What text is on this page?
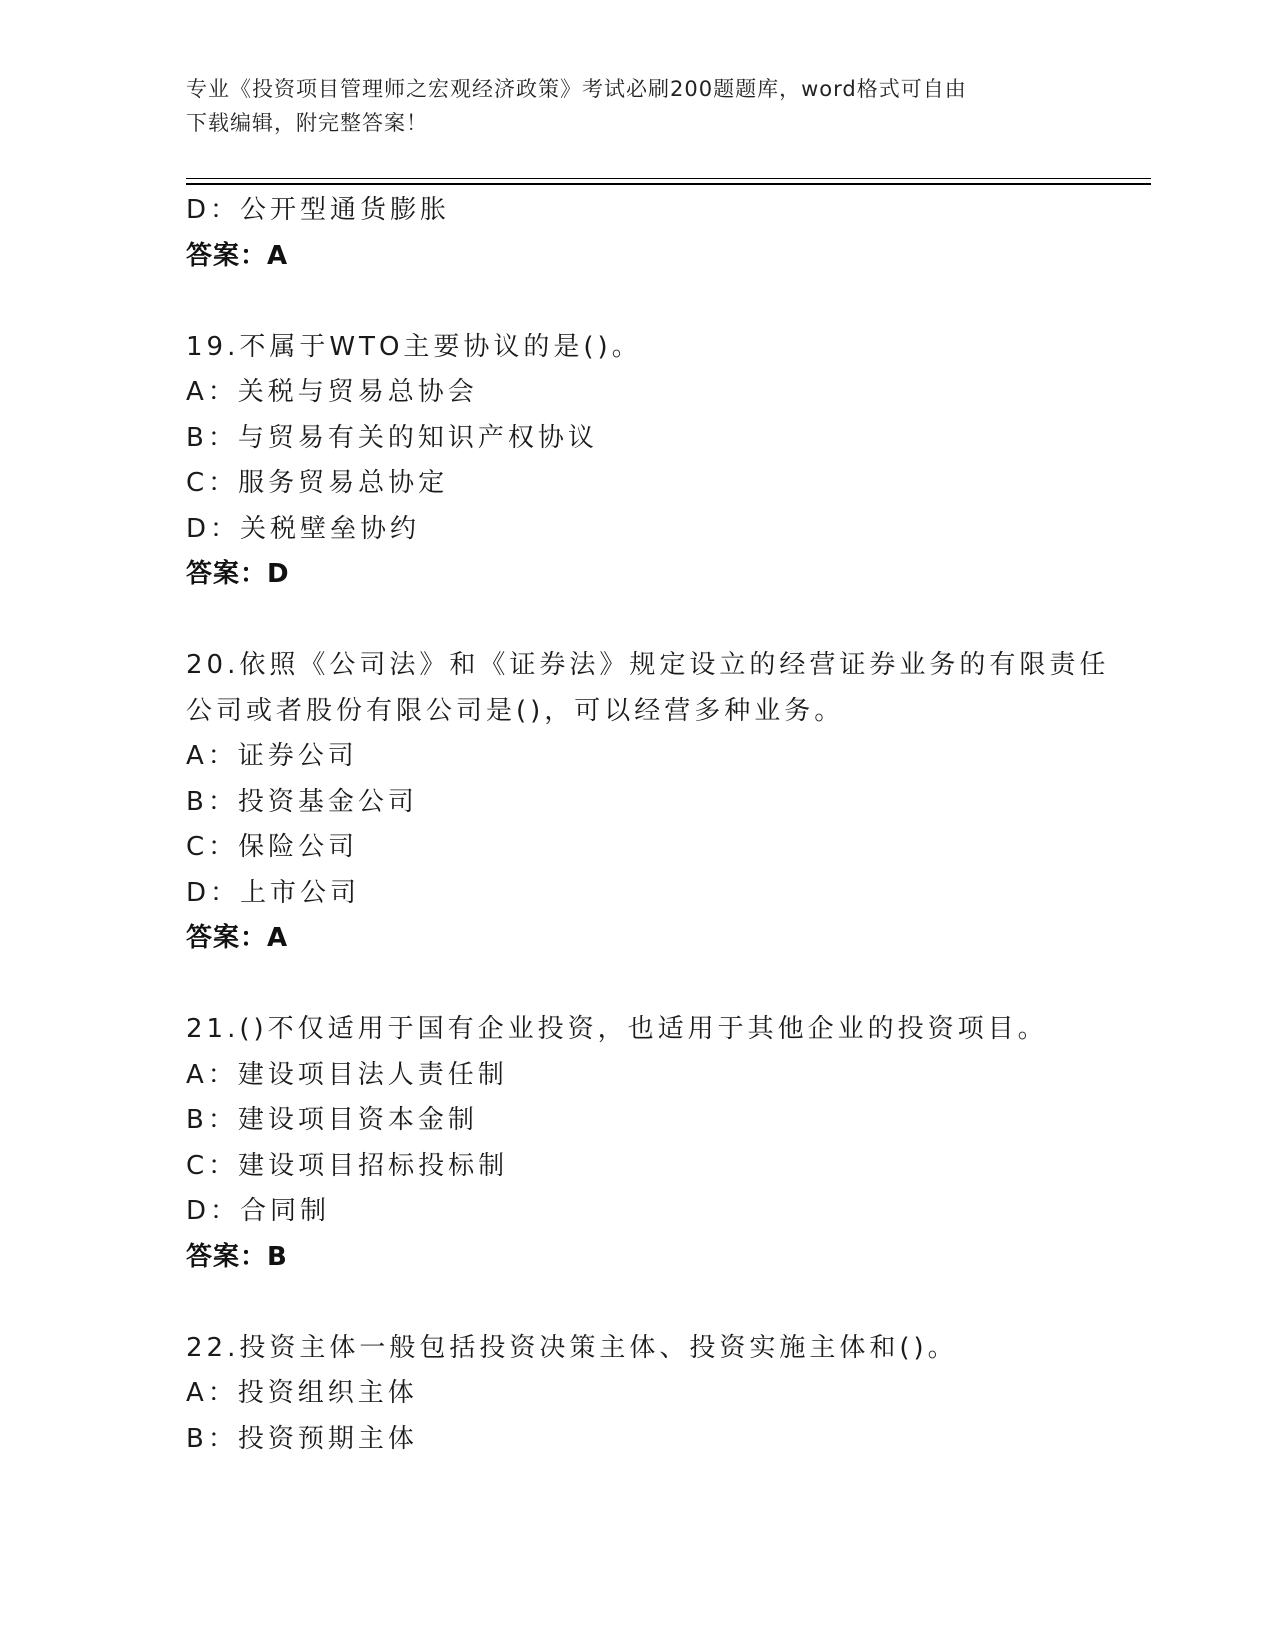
专业《投资项目管理师之宏观经济政策》考试必刷200题题库，word格式可自由
下载编辑，附完整答案！
D：公开型通货膨胀
答案：A
19.不属于WTO主要协议的是()。
A：关税与贸易总协会
B：与贸易有关的知识产权协议
C：服务贸易总协定
D：关税壁垒协约
答案：D
20.依照《公司法》和《证券法》规定设立的经营证券业务的有限责任
公司或者股份有限公司是()，可以经营多种业务。
A：证券公司
B：投资基金公司
C：保险公司
D：上市公司
答案：A
21.()不仅适用于国有企业投资，也适用于其他企业的投资项目。
A：建设项目法人责任制
B：建设项目资本金制
C：建设项目招标投标制
D：合同制
答案：B
22.投资主体一般包括投资决策主体、投资实施主体和()。
A：投资组织主体
B：投资预期主体
